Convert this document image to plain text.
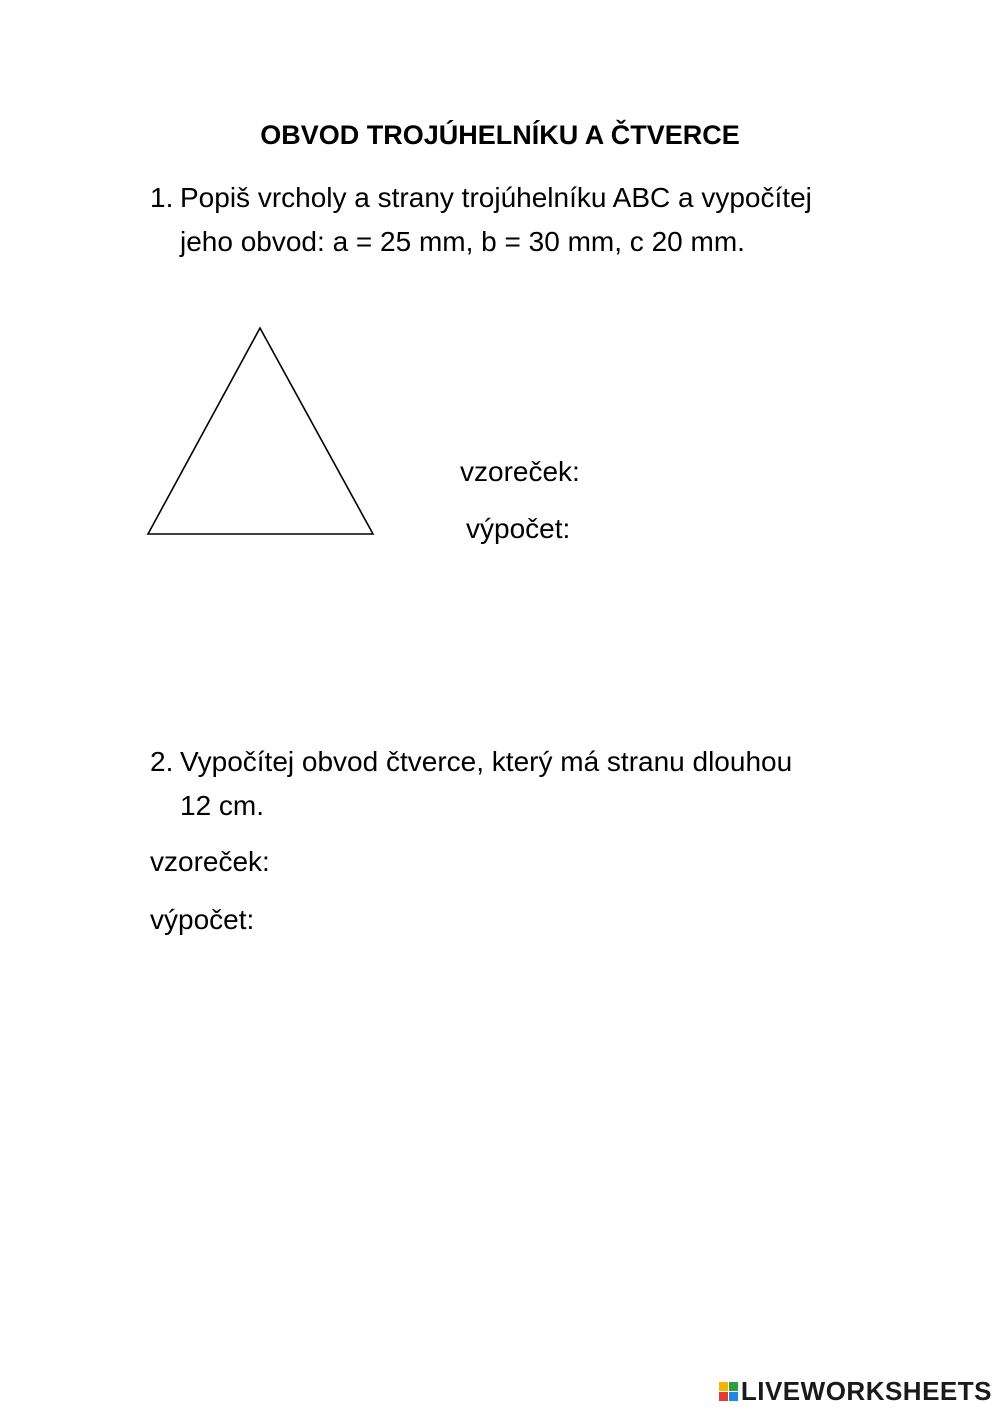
OBVOD TROJÚHELNÍKU A ČTVERCE
1. Popiš vrcholy a strany trojúhelníku ABC a vypočítej
jeho obvod: a = 25 mm, b = 30 mm, c 20 mm.
vzoreček:
výpočet:
2. Vypočítej obvod čtverce, který má stranu dlouhou
12 cm.
vzoreček:
výpočet:
LIVEWORKSHEETS
